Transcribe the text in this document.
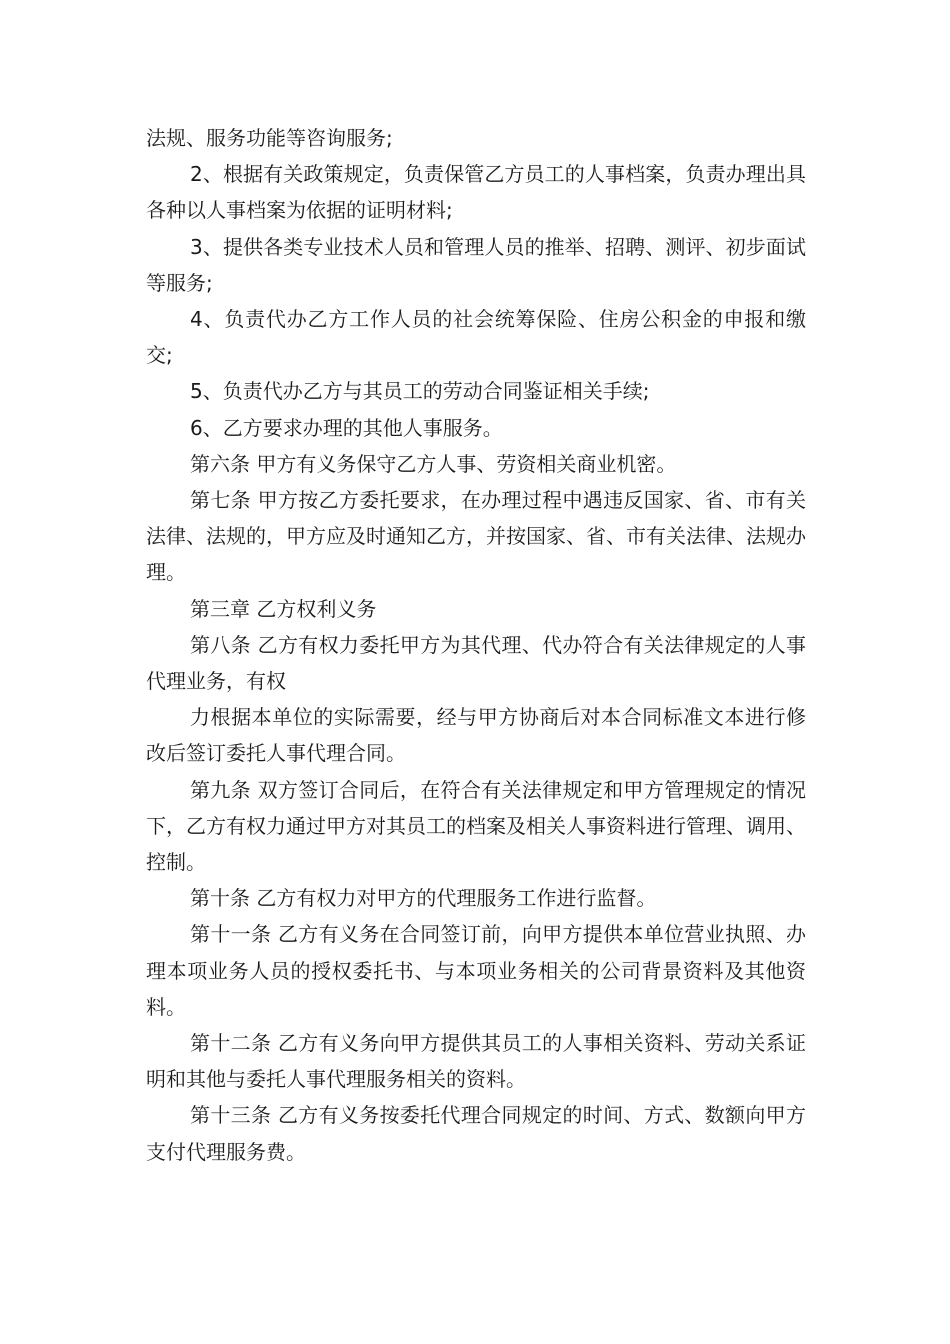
法规、服务功能等咨询服务;

2、根据有关政策规定，负责保管乙方员工的人事档案，负责办理出具各种以人事档案为依据的证明材料;

3、提供各类专业技术人员和管理人员的推举、招聘、测评、初步面试等服务;

4、负责代办乙方工作人员的社会统筹保险、住房公积金的申报和缴交;

5、负责代办乙方与其员工的劳动合同鉴证相关手续;

6、乙方要求办理的其他人事服务。

第六条 甲方有义务保守乙方人事、劳资相关商业机密。

第七条 甲方按乙方委托要求，在办理过程中遇违反国家、省、市有关法律、法规的，甲方应及时通知乙方，并按国家、省、市有关法律、法规办理。

第三章 乙方权利义务

第八条 乙方有权力委托甲方为其代理、代办符合有关法律规定的人事代理业务，有权

力根据本单位的实际需要，经与甲方协商后对本合同标准文本进行修改后签订委托人事代理合同。

第九条 双方签订合同后，在符合有关法律规定和甲方管理规定的情况下，乙方有权力通过甲方对其员工的档案及相关人事资料进行管理、调用、控制。

第十条 乙方有权力对甲方的代理服务工作进行监督。

第十一条 乙方有义务在合同签订前，向甲方提供本单位营业执照、办理本项业务人员的授权委托书、与本项业务相关的公司背景资料及其他资料。

第十二条 乙方有义务向甲方提供其员工的人事相关资料、劳动关系证明和其他与委托人事代理服务相关的资料。

第十三条 乙方有义务按委托代理合同规定的时间、方式、数额向甲方支付代理服务费。
